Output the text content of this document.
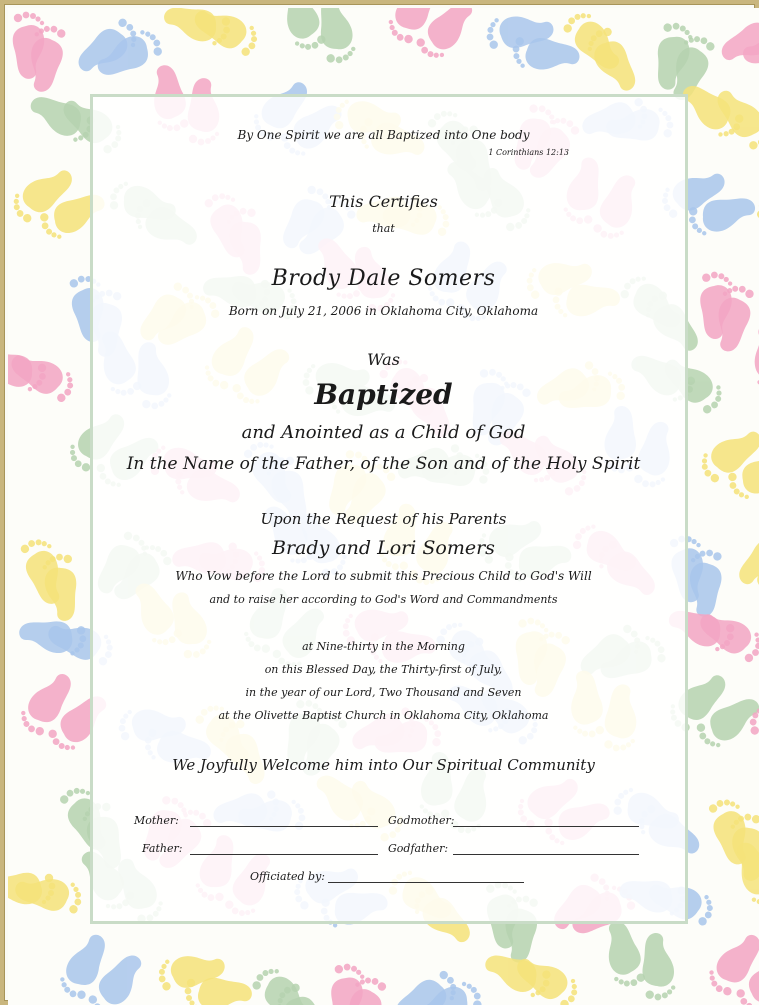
By One Spirit we are all Baptized into One body
1 Corinthians 12:13
This Certifies
that
Brody Dale Somers
Born on July 21, 2006 in Oklahoma City, Oklahoma
Was
Baptized
and Anointed as a Child of God
In the Name of the Father, of the Son and of the Holy Spirit
Upon the Request of his Parents
Brady and Lori Somers
Who Vow before the Lord to submit this Precious Child to God's Will
and to raise her according to God's Word and Commandments
at Nine-thirty in the Morning
on this Blessed Day, the Thirty-first of July,
in the year of our Lord, Two Thousand and Seven
at the Olivette Baptist Church in Oklahoma City, Oklahoma
We Joyfully Welcome him into Our Spiritual Community
Mother:	Godmother:
Father:	Godfather:
Officiated by:
